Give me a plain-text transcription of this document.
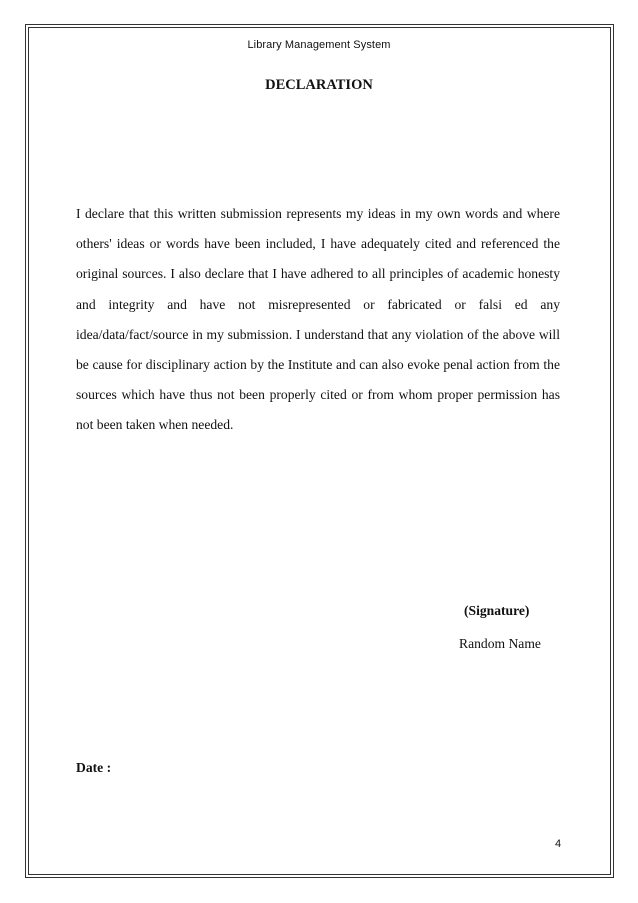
Library Management System
DECLARATION

I declare that this written submission represents my ideas in my own words and where others' ideas or words have been included, I have adequately cited and referenced the original sources. I also declare that I have adhered to all principles of academic honesty and integrity and have not misrepresented or fabricated or falsi ed any idea/data/fact/source in my submission. I understand that any violation of the above will be cause for disciplinary action by the Institute and can also evoke penal action from the sources which have thus not been properly cited or from whom proper permission has not been taken when needed.

(Signature)
Random Name
Date :
4
